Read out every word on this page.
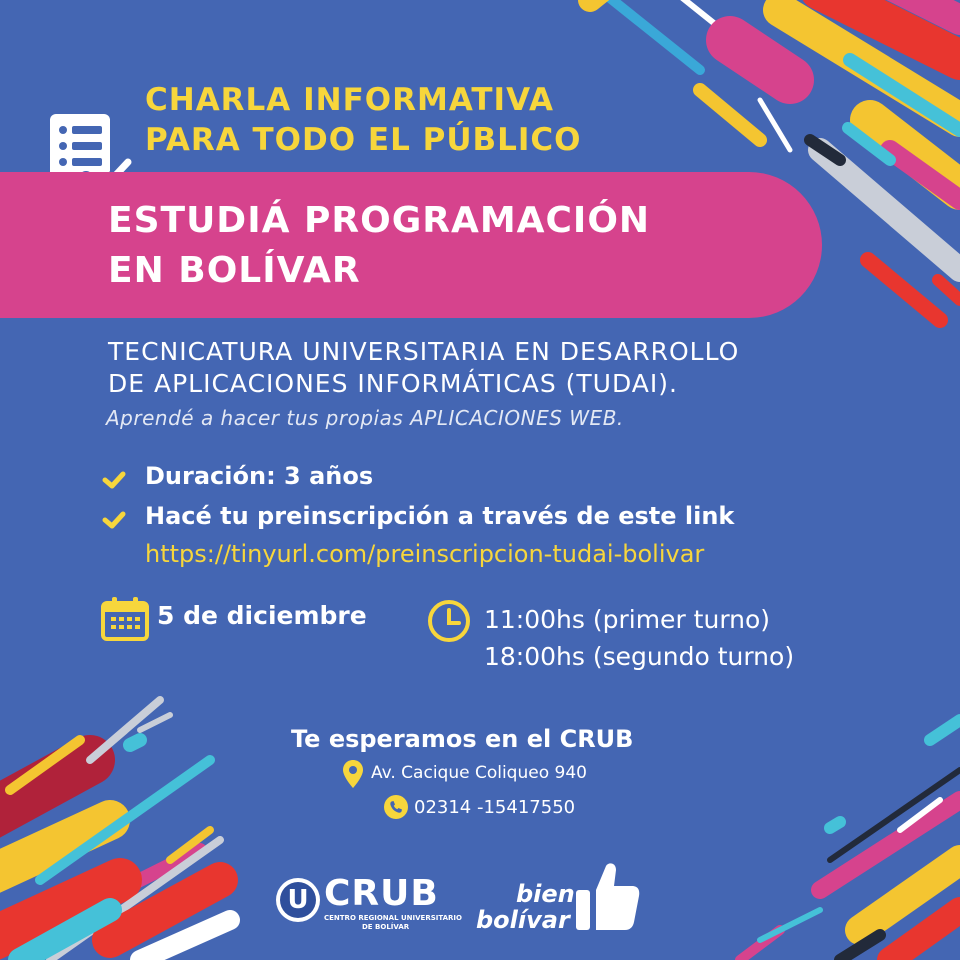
CHARLA INFORMATIVA
PARA TODO EL PÚBLICO
ESTUDIÁ PROGRAMACIÓN
EN BOLÍVAR
TECNICATURA UNIVERSITARIA EN DESARROLLO
DE APLICACIONES INFORMÁTICAS (TUDAI).
Aprendé a hacer tus propias APLICACIONES WEB.
Duración: 3 años
Hacé tu preinscripción a través de este link
https://tinyurl.com/preinscripcion-tudai-bolivar
5 de diciembre	11:00hs (primer turno)
18:00hs (segundo turno)
Te esperamos en el CRUB
Av. Cacique Coliqueo 940
02314 -15417550
U CRUB
CENTRO REGIONAL UNIVERSITARIO
DE BOLÍVAR
bien
bolívar
